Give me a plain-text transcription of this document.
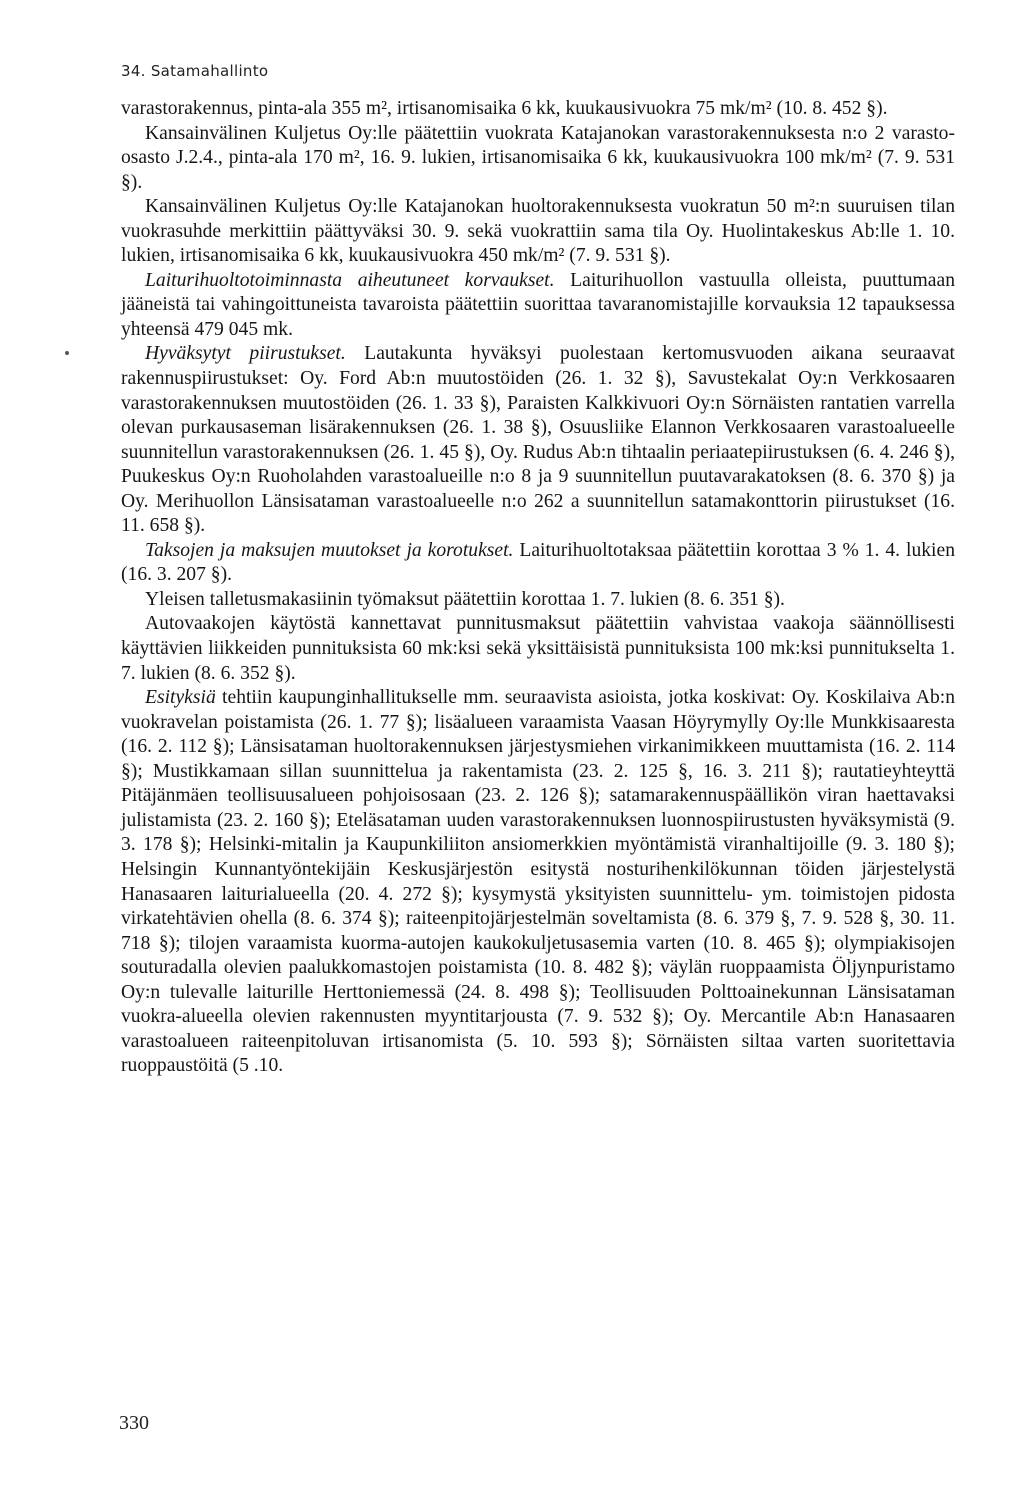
34. Satamahallinto

varastorakennus, pinta-ala 355 m², irtisanomisaika 6 kk, kuukausivuokra 75 mk/m² (10. 8. 452 §).

Kansainvälinen Kuljetus Oy:lle päätettiin vuokrata Katajanokan varastorakennuksesta n:o 2 varasto-osasto J.2.4., pinta-ala 170 m², 16. 9. lukien, irtisanomisaika 6 kk, kuukausivuokra 100 mk/m² (7. 9. 531 §).

Kansainvälinen Kuljetus Oy:lle Katajanokan huoltorakennuksesta vuokratun 50 m²:n suuruisen tilan vuokrasuhde merkittiin päättyväksi 30. 9. sekä vuokrattiin sama tila Oy. Huolintakeskus Ab:lle 1. 10. lukien, irtisanomisaika 6 kk, kuukausivuokra 450 mk/m² (7. 9. 531 §).

Laiturihuoltotoiminnasta aiheutuneet korvaukset. Laiturihuollon vastuulla olleista, puuttumaan jääneistä tai vahingoittuneista tavaroista päätettiin suorittaa tavaranomistajille korvauksia 12 tapauksessa yhteensä 479 045 mk.

Hyväksytyt piirustukset. Lautakunta hyväksyi puolestaan kertomusvuoden aikana seuraavat rakennuspiirustukset: Oy. Ford Ab:n muutostöiden (26. 1. 32 §), Savustekalat Oy:n Verkkosaaren varastorakennuksen muutostöiden (26. 1. 33 §), Paraisten Kalkkivuori Oy:n Sörnäisten rantatien varrella olevan purkausaseman lisärakennuksen (26. 1. 38 §), Osuusliike Elannon Verkkosaaren varastoalueelle suunnitellun varastorakennuksen (26. 1. 45 §), Oy. Rudus Ab:n tihtaalin periaatepiirustuksen (6. 4. 246 §), Puukeskus Oy:n Ruoholahden varastoalueille n:o 8 ja 9 suunnitellun puutavarakatoksen (8. 6. 370 §) ja Oy. Merihuollon Länsisataman varastoalueelle n:o 262 a suunnitellun satamakonttorin piirustukset (16. 11. 658 §).

Taksojen ja maksujen muutokset ja korotukset. Laiturihuoltotaksaa päätettiin korottaa 3 % 1. 4. lukien (16. 3. 207 §).

Yleisen talletusmakasiinin työmaksut päätettiin korottaa 1. 7. lukien (8. 6. 351 §).

Autovaakojen käytöstä kannettavat punnitusmaksut päätettiin vahvistaa vaakoja säännöllisesti käyttävien liikkeiden punnituksista 60 mk:ksi sekä yksittäisistä punnituksista 100 mk:ksi punnitukselta 1. 7. lukien (8. 6. 352 §).

Esityksiä tehtiin kaupunginhallitukselle mm. seuraavista asioista, jotka koskivat: Oy. Koskilaiva Ab:n vuokravelan poistamista (26. 1. 77 §); lisäalueen varaamista Vaasan Höyrymylly Oy:lle Munkkisaaresta (16. 2. 112 §); Länsisataman huoltorakennuksen järjestysmiehen virkanimikkeen muuttamista (16. 2. 114 §); Mustikkamaan sillan suunnittelua ja rakentamista (23. 2. 125 §, 16. 3. 211 §); rautatieyhteyttä Pitäjänmäen teollisuusalueen pohjoisosaan (23. 2. 126 §); satamarakennuspäällikön viran haettavaksi julistamista (23. 2. 160 §); Eteläsataman uuden varastorakennuksen luonnospiirustusten hyväksymistä (9. 3. 178 §); Helsinki-mitalin ja Kaupunkiliiton ansiomerkkien myöntämistä viranhaltijoille (9. 3. 180 §); Helsingin Kunnantyöntekijäin Keskusjärjestön esitystä nosturihenkilökunnan töiden järjestelystä Hanasaaren laiturialueella (20. 4. 272 §); kysymystä yksityisten suunnittelu- ym. toimistojen pidosta virkatehtävien ohella (8. 6. 374 §); raiteenpitojärjestelmän soveltamista (8. 6. 379 §, 7. 9. 528 §, 30. 11. 718 §); tilojen varaamista kuorma-autojen kaukokuljetusasemia varten (10. 8. 465 §); olympiakisojen souturadalla olevien paalukkomastojen poistamista (10. 8. 482 §); väylän ruoppaamista Öljynpuristamo Oy:n tulevalle laiturille Herttoniemessä (24. 8. 498 §); Teollisuuden Polttoainekunnan Länsisataman vuokra-alueella olevien rakennusten myyntitarjousta (7. 9. 532 §); Oy. Mercantile Ab:n Hanasaaren varastoalueen raiteenpitoluvan irtisanomista (5. 10. 593 §); Sörnäisten siltaa varten suoritettavia ruoppaustöitä (5 .10.

330
